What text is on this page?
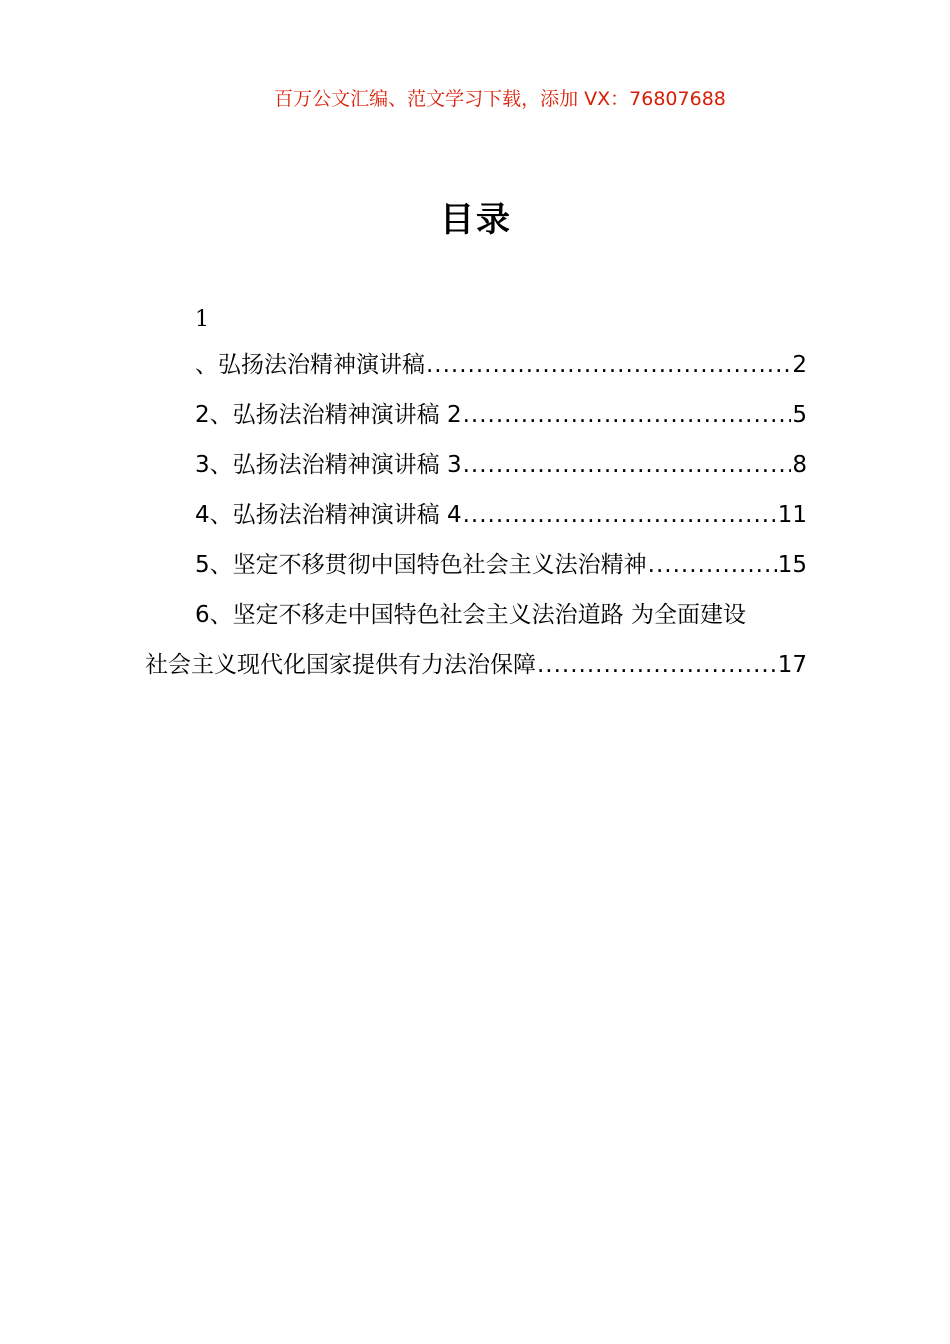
百万公文汇编、范文学习下载，添加 VX：76807688
目录
1
、弘扬法治精神演讲稿 .....	2
2、弘扬法治精神演讲稿 2 .....	5
3、弘扬法治精神演讲稿 3 .....	8
4、弘扬法治精神演讲稿 4 .....	11
5、坚定不移贯彻中国特色社会主义法治精神 .....	15
6、坚定不移走中国特色社会主义法治道路 为全面建设
社会主义现代化国家提供有力法治保障 .....	17
